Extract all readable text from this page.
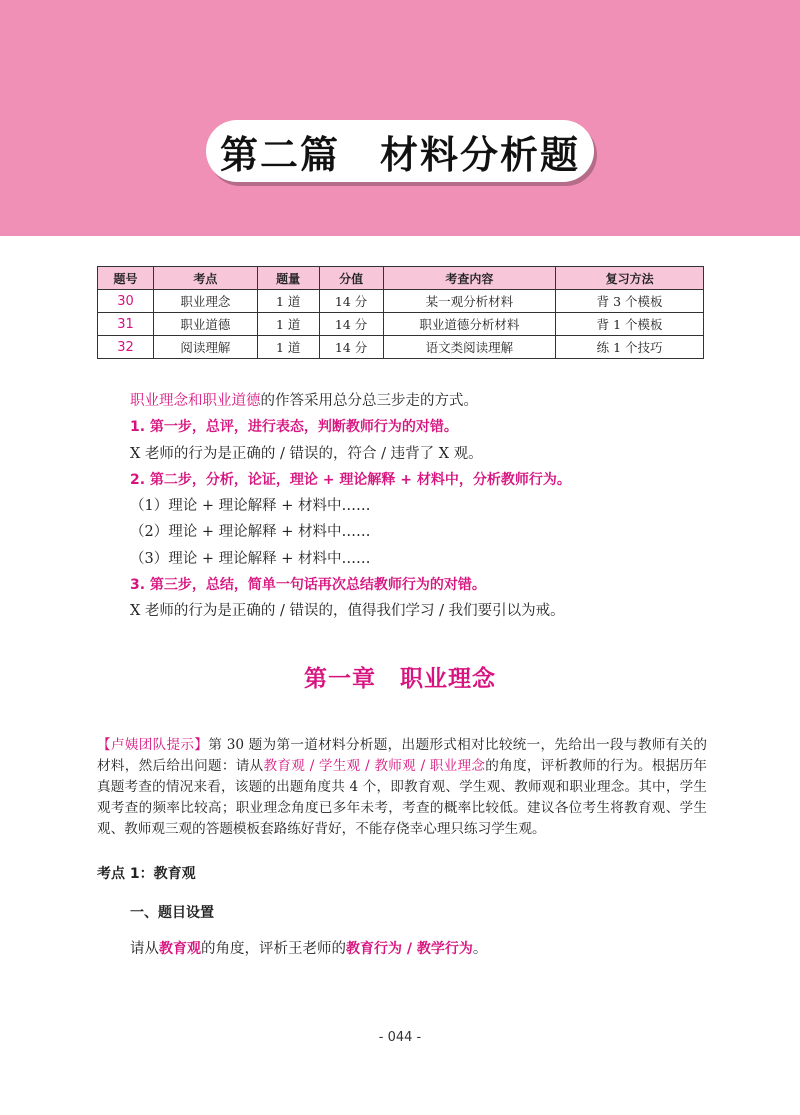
第二篇　材料分析题
题号	考点	题量	分值	考查内容	复习方法
30	职业理念	1 道	14 分	某一观分析材料	背 3 个模板
31	职业道德	1 道	14 分	职业道德分析材料	背 1 个模板
32	阅读理解	1 道	14 分	语文类阅读理解	练 1 个技巧
职业理念和职业道德的作答采用总分总三步走的方式。
1. 第一步，总评，进行表态，判断教师行为的对错。
X 老师的行为是正确的 / 错误的，符合 / 违背了 X 观。
2. 第二步，分析，论证，理论 + 理论解释 + 材料中，分析教师行为。
（1）理论 + 理论解释 + 材料中……
（2）理论 + 理论解释 + 材料中……
（3）理论 + 理论解释 + 材料中……
3. 第三步，总结，简单一句话再次总结教师行为的对错。
X 老师的行为是正确的 / 错误的，值得我们学习 / 我们要引以为戒。
第一章　职业理念
【卢姨团队提示】第 30 题为第一道材料分析题，出题形式相对比较统一，先给出一段与教师有关的材料，然后给出问题：请从教育观 / 学生观 / 教师观 / 职业理念的角度，评析教师的行为。根据历年真题考查的情况来看，该题的出题角度共 4 个，即教育观、学生观、教师观和职业理念。其中，学生观考查的频率比较高；职业理念角度已多年未考，考查的概率比较低。建议各位考生将教育观、学生观、教师观三观的答题模板套路练好背好，不能存侥幸心理只练习学生观。
考点 1：教育观
一、题目设置
请从教育观的角度，评析王老师的教育行为 / 教学行为。
- 044 -
